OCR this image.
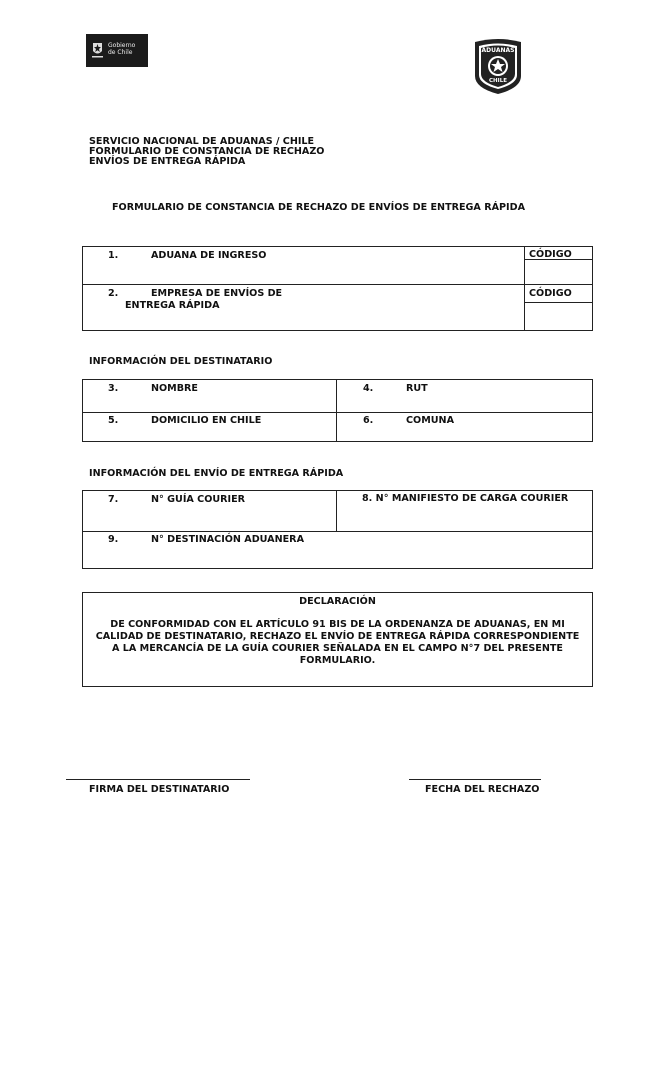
Gobierno
de Chile	ADUANAS
CHILE
SERVICIO NACIONAL DE ADUANAS / CHILE
FORMULARIO DE CONSTANCIA DE RECHAZO
ENVÍOS DE ENTREGA RÁPIDA
FORMULARIO DE CONSTANCIA DE RECHAZO DE ENVÍOS DE ENTREGA RÁPIDA
1.	ADUANA DE INGRESO	CÓDIGO
2.	EMPRESA DE ENVÍOS DE
ENTREGA RÁPIDA
CÓDIGO
INFORMACIÓN DEL DESTINATARIO
3.	NOMBRE	4.	RUT
5.	DOMICILIO EN CHILE	6.	COMUNA
INFORMACIÓN DEL ENVÍO DE ENTREGA RÁPIDA
7.	N° GUÍA COURIER	8. N° MANIFIESTO DE CARGA COURIER
9.	N° DESTINACIÓN ADUANERA
DECLARACIÓN
DE CONFORMIDAD CON EL ARTÍCULO 91 BIS DE LA ORDENANZA DE ADUANAS, EN MI
CALIDAD DE DESTINATARIO, RECHAZO EL ENVÍO DE ENTREGA RÁPIDA CORRESPONDIENTE
A LA MERCANCÍA DE LA GUÍA COURIER SEÑALADA EN EL CAMPO N°7 DEL PRESENTE
FORMULARIO.
FIRMA DEL DESTINATARIO	FECHA DEL RECHAZO
